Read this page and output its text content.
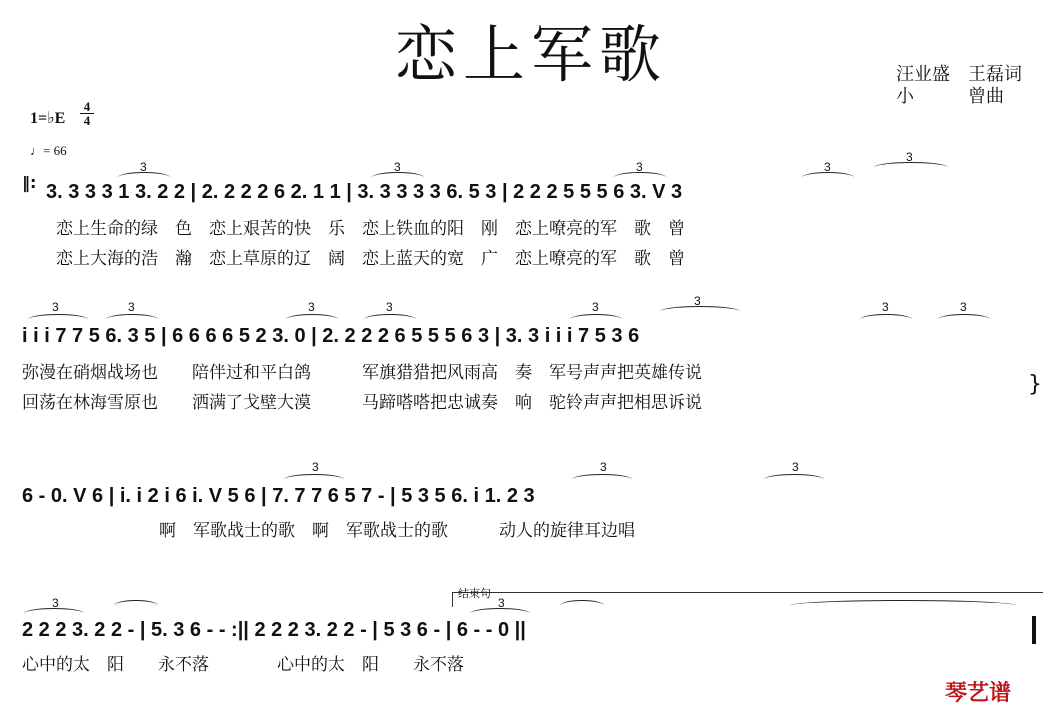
恋上军歌	汪业盛　王磊词
小　　　曾曲
1=♭E
4
4
♩= 66
‖: 3. 3 3 3 1 3. 2 2 | 2. 2 2 2 6 2. 1 1 | 3. 3 3 3 3 6. 5 3 | 2 2 2 5 5 5 6 3. V 3
恋上生命的绿　色　恋上艰苦的快　乐　恋上铁血的阳　刚　恋上嘹亮的军　歌　曾
恋上大海的浩　瀚　恋上草原的辽　阔　恋上蓝天的宽　广　恋上嘹亮的军　歌　曾
3	3	3	3
3
i i i 7 7 5 6. 3 5 | 6 6 6 6 5 2 3. 0 | 2. 2 2 2 6 5 5 5 6 3 | 3. 3 i i i 7 5 3 6
弥漫在硝烟战场也　　陪伴过和平白鸽　　　军旗猎猎把风雨高　奏　军号声声把英雄传说
回荡在林海雪原也　　洒满了戈壁大漠　　　马蹄嗒嗒把忠诚奏　响　驼铃声声把相思诉说
}
3	3	3	3	3	3	3	3
6 - 0. V 6 | i. i 2 i 6 i. V 5 6 | 7. 7 7 6 5 7 - | 5 3 5 6. i 1. 2 3
　　　啊　军歌战士的歌　啊　军歌战士的歌　　　动人的旋律耳边唱
3	3	3
结束句
2 2 2 3. 2 2 - | 5. 3 6 - - :|| 2 2 2 3. 2 2 - | 5 3 6 - | 6 - - 0 ||
心中的太　阳　　永不落　　　　心中的太　阳　　永不落
3	3
琴艺谱
